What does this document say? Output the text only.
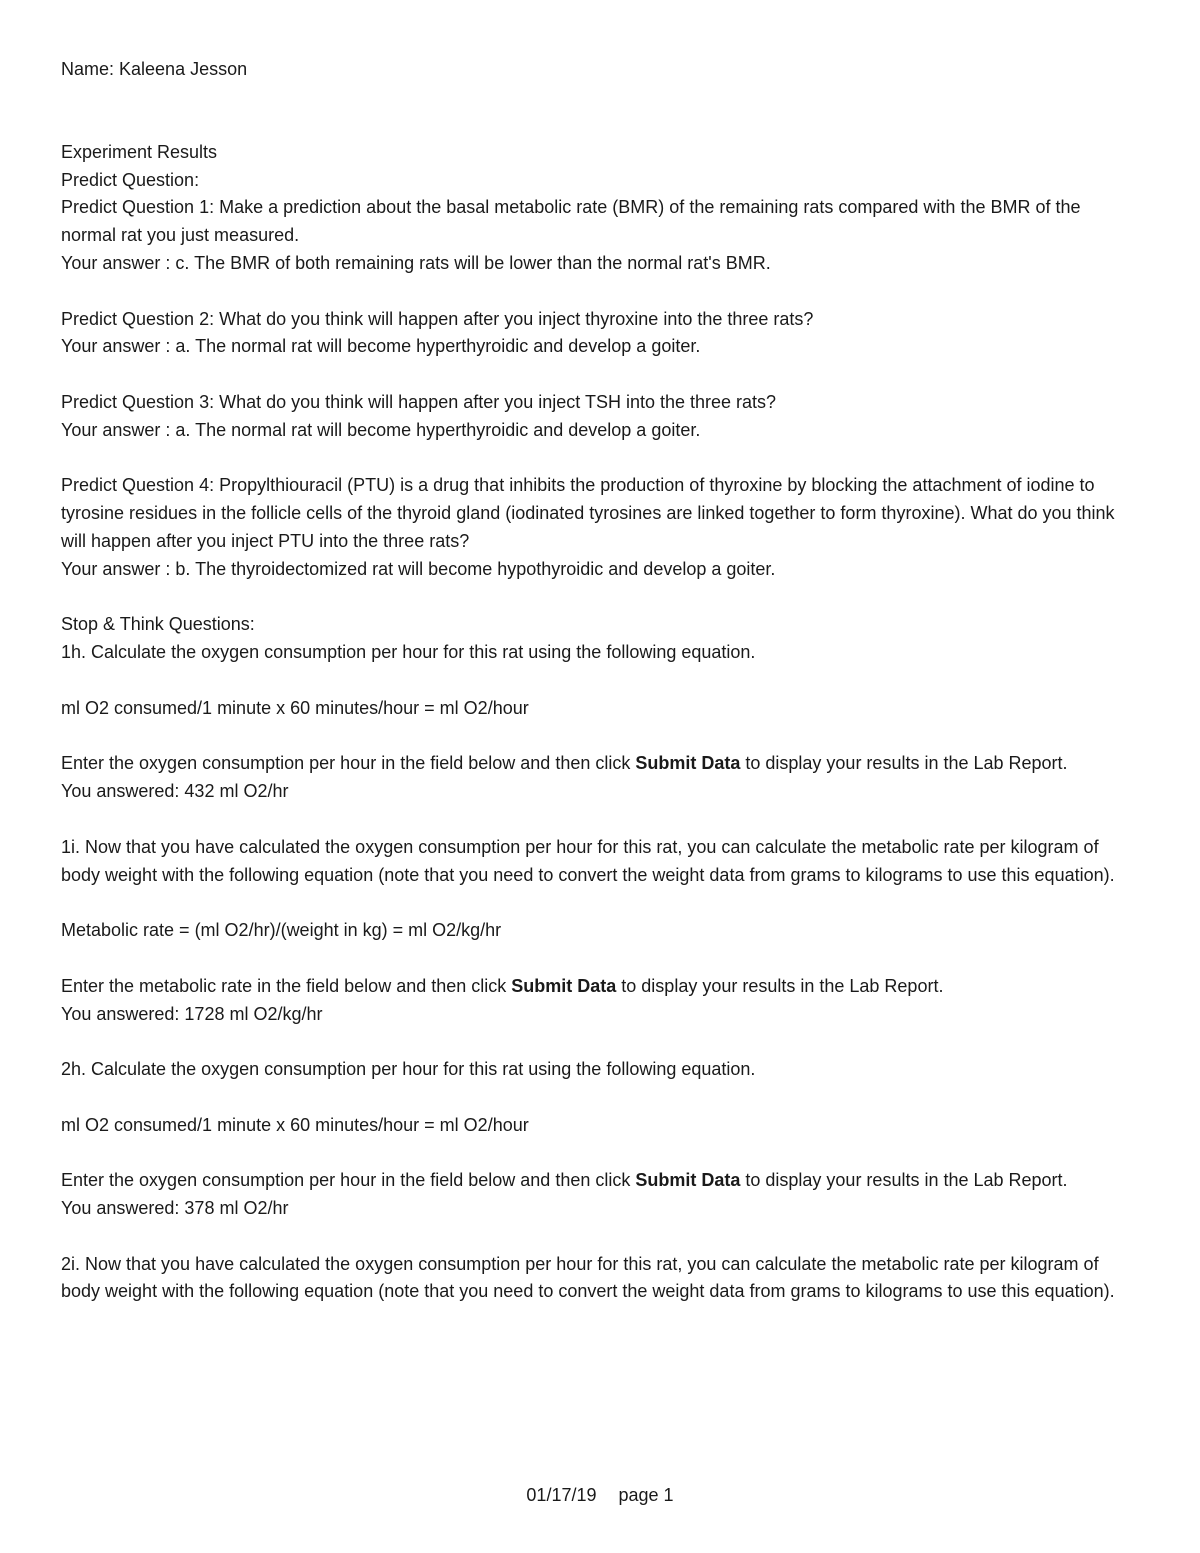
Name: Kaleena Jesson
Experiment Results
Predict Question:
Predict Question 1: Make a prediction about the basal metabolic rate (BMR) of the remaining rats compared with the BMR of the normal rat you just measured.
Your answer : c. The BMR of both remaining rats will be lower than the normal rat's BMR.
Predict Question 2: What do you think will happen after you inject thyroxine into the three rats?
Your answer : a. The normal rat will become hyperthyroidic and develop a goiter.
Predict Question 3: What do you think will happen after you inject TSH into the three rats?
Your answer : a. The normal rat will become hyperthyroidic and develop a goiter.
Predict Question 4: Propylthiouracil (PTU) is a drug that inhibits the production of thyroxine by blocking the attachment of iodine to tyrosine residues in the follicle cells of the thyroid gland (iodinated tyrosines are linked together to form thyroxine). What do you think will happen after you inject PTU into the three rats?
Your answer : b. The thyroidectomized rat will become hypothyroidic and develop a goiter.
Stop & Think Questions:
1h. Calculate the oxygen consumption per hour for this rat using the following equation.
ml O2 consumed/1 minute x 60 minutes/hour = ml O2/hour
Enter the oxygen consumption per hour in the field below and then click Submit Data to display your results in the Lab Report.
You answered: 432 ml O2/hr
1i. Now that you have calculated the oxygen consumption per hour for this rat, you can calculate the metabolic rate per kilogram of body weight with the following equation (note that you need to convert the weight data from grams to kilograms to use this equation).
Metabolic rate = (ml O2/hr)/(weight in kg) = ml O2/kg/hr
Enter the metabolic rate in the field below and then click Submit Data to display your results in the Lab Report.
You answered: 1728 ml O2/kg/hr
2h. Calculate the oxygen consumption per hour for this rat using the following equation.
ml O2 consumed/1 minute x 60 minutes/hour = ml O2/hour
Enter the oxygen consumption per hour in the field below and then click Submit Data to display your results in the Lab Report.
You answered: 378 ml O2/hr
2i. Now that you have calculated the oxygen consumption per hour for this rat, you can calculate the metabolic rate per kilogram of body weight with the following equation (note that you need to convert the weight data from grams to kilograms to use this equation).
01/17/19 page 1
